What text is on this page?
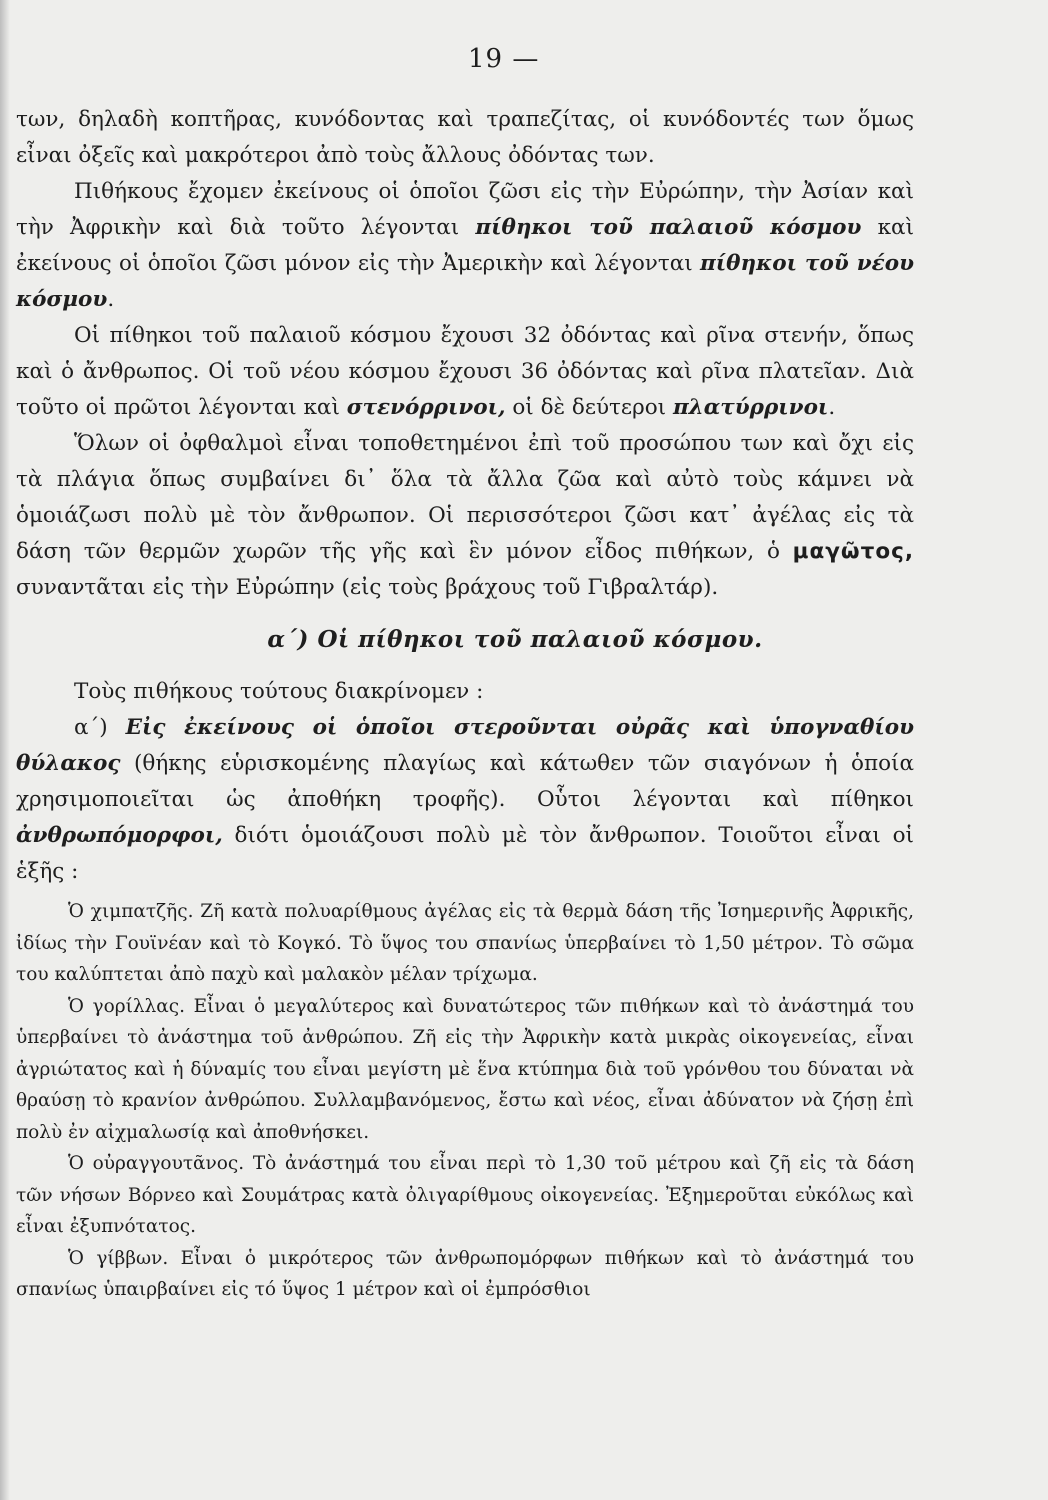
19 —

των, δηλαδὴ κοπτῆρας, κυνόδοντας καὶ τραπεζίτας, οἱ κυνόδοντές των ὅμως εἶναι ὀξεῖς καὶ μακρότεροι ἀπὸ τοὺς ἄλλους ὀδόντας των.

Πιθήκους ἔχομεν ἐκείνους οἱ ὁποῖοι ζῶσι εἰς τὴν Εὐρώπην, τὴν Ἀσίαν καὶ τὴν Ἀφρικὴν καὶ διὰ τοῦτο λέγονται πίθηκοι τοῦ παλαιοῦ κόσμου καὶ ἐκείνους οἱ ὁποῖοι ζῶσι μόνον εἰς τὴν Ἀμερικὴν καὶ λέγονται πίθηκοι τοῦ νέου κόσμου.

Οἱ πίθηκοι τοῦ παλαιοῦ κόσμου ἔχουσι 32 ὀδόντας καὶ ρῖνα στενήν, ὅπως καὶ ὁ ἄνθρωπος. Οἱ τοῦ νέου κόσμου ἔχουσι 36 ὀδόντας καὶ ρῖνα πλατεῖαν. Διὰ τοῦτο οἱ πρῶτοι λέγονται καὶ στενόρρινοι, οἱ δὲ δεύτεροι πλατύρρινοι.

Ὅλων οἱ ὀφθαλμοὶ εἶναι τοποθετημένοι ἐπὶ τοῦ προσώπου των καὶ ὄχι εἰς τὰ πλάγια ὅπως συμβαίνει δι᾽ ὅλα τὰ ἄλλα ζῶα καὶ αὐτὸ τοὺς κάμνει νὰ ὁμοιάζωσι πολὺ μὲ τὸν ἄνθρωπον. Οἱ περισσότεροι ζῶσι κατ᾽ ἀγέλας εἰς τὰ δάση τῶν θερμῶν χωρῶν τῆς γῆς καὶ ἓν μόνον εἶδος πιθήκων, ὁ μαγῶτος, συναντᾶται εἰς τὴν Εὐρώπην (εἰς τοὺς βράχους τοῦ Γιβραλτάρ).

α΄) Οἱ πίθηκοι τοῦ παλαιοῦ κόσμου.

Τοὺς πιθήκους τούτους διακρίνομεν :

α΄) Εἰς ἐκείνους οἱ ὁποῖοι στεροῦνται οὐρᾶς καὶ ὑπογναθίου θύλακος (θήκης εὑρισκομένης πλαγίως καὶ κάτωθεν τῶν σιαγόνων ἡ ὁποία χρησιμοποιεῖται ὡς ἀποθήκη τροφῆς). Οὗτοι λέγονται καὶ πίθηκοι ἀνθρωπόμορφοι, διότι ὁμοιάζουσι πολὺ μὲ τὸν ἄνθρωπον. Τοιοῦτοι εἶναι οἱ ἑξῆς :

Ὁ χιμπατζῆς. Ζῆ κατὰ πολυαρίθμους ἀγέλας εἰς τὰ θερμὰ δάση τῆς Ἰσημερινῆς Ἀφρικῆς, ἰδίως τὴν Γουϊνέαν καὶ τὸ Κογκό. Τὸ ὕψος του σπανίως ὑπερβαίνει τὸ 1,50 μέτρον. Τὸ σῶμα του καλύπτεται ἀπὸ παχὺ καὶ μαλακὸν μέλαν τρίχωμα.

Ὁ γορίλλας. Εἶναι ὁ μεγαλύτερος καὶ δυνατώτερος τῶν πιθήκων καὶ τὸ ἀνάστημά του ὑπερβαίνει τὸ ἀνάστημα τοῦ ἀνθρώπου. Ζῆ εἰς τὴν Ἀφρικὴν κατὰ μικρὰς οἰκογενείας, εἶναι ἀγριώτατος καὶ ἡ δύναμίς του εἶναι μεγίστη μὲ ἕνα κτύπημα διὰ τοῦ γρόνθου του δύναται νὰ θραύσῃ τὸ κρανίον ἀνθρώπου. Συλλαμβανόμενος, ἔστω καὶ νέος, εἶναι ἀδύνατον νὰ ζήσῃ ἐπὶ πολὺ ἐν αἰχμαλωσίᾳ καὶ ἀποθνήσκει.

Ὁ οὐραγγουτᾶνος. Τὸ ἀνάστημά του εἶναι περὶ τὸ 1,30 τοῦ μέτρου καὶ ζῆ εἰς τὰ δάση τῶν νήσων Βόρνεο καὶ Σουμάτρας κατὰ ὀλιγαρίθμους οἰκογενείας. Ἐξημεροῦται εὐκόλως καὶ εἶναι ἐξυπνότατος.

Ὁ γίββων. Εἶναι ὁ μικρότερος τῶν ἀνθρωπομόρφων πιθήκων καὶ τὸ ἀνάστημά του σπανίως ὑπαιρβαίνει εἰς τό ὕψος 1 μέτρον καὶ οἱ ἐμπρόσθιοι
